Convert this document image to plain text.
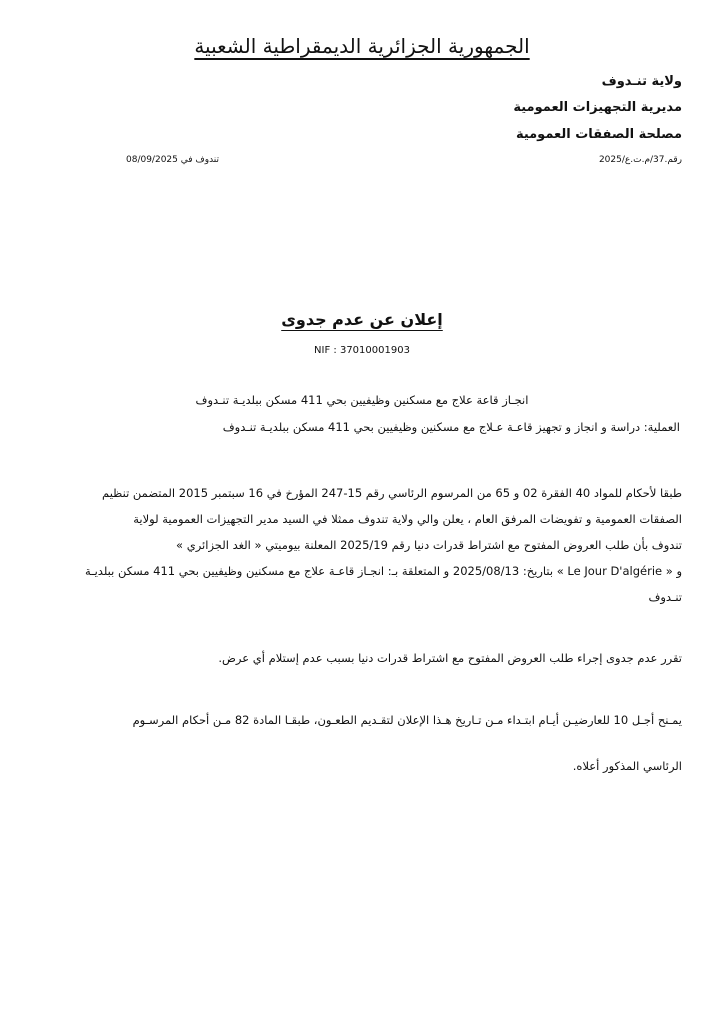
الجمهورية الجزائرية الديمقراطية الشعبية
ولاية تنـدوف
مديرية التجهيزات العمومية
مصلحة الصفقات العمومية
رقم.37/م.ت.ع/2025
تندوف في 08/09/2025
إعلان عن عدم جدوى
NIF : 37010001903
انجـاز قاعة علاج مع مسكنين وظيفيين بحي 411 مسكن ببلديـة تنـدوف
العملية: دراسة و انجاز و تجهيز قاعـة عـلاج مع مسكنين وظيفيين بحي 411 مسكن ببلديـة تنـدوف
طبقا لأحكام للمواد 40 الفقرة 02 و 65 من المرسوم الرئاسي رقم 15-247 المؤرخ في 16 سبتمبر 2015 المتضمن تنظيم
الصفقات العمومية و تفويضات المرفق العام ، يعلن والي ولاية تندوف ممثلا في السيد مدير التجهيزات العمومية لولاية
تندوف بأن طلب العروض المفتوح مع اشتراط قدرات دنيا رقم 2025/19 المعلنة بيوميتي « الغد الجزائري »
و « Le Jour D'algérie » بتاريخ: 2025/08/13 و المتعلقة بـ: انجـاز قاعـة علاج مع مسكنين وظيفيين بحي 411 مسكن ببلديـة
تنـدوف
تقرر عدم جدوى إجراء طلب العروض المفتوح مع اشتراط قدرات دنيا بسبب عدم إستلام أي عرض.
يمـنح أجـل 10 للعارضيـن أيـام ابتـداء مـن تـاريخ هـذا الإعلان لتقـديم الطعـون، طبقـا المادة 82 مـن أحكام المرسـوم
الرئاسي المذكور أعلاه.
